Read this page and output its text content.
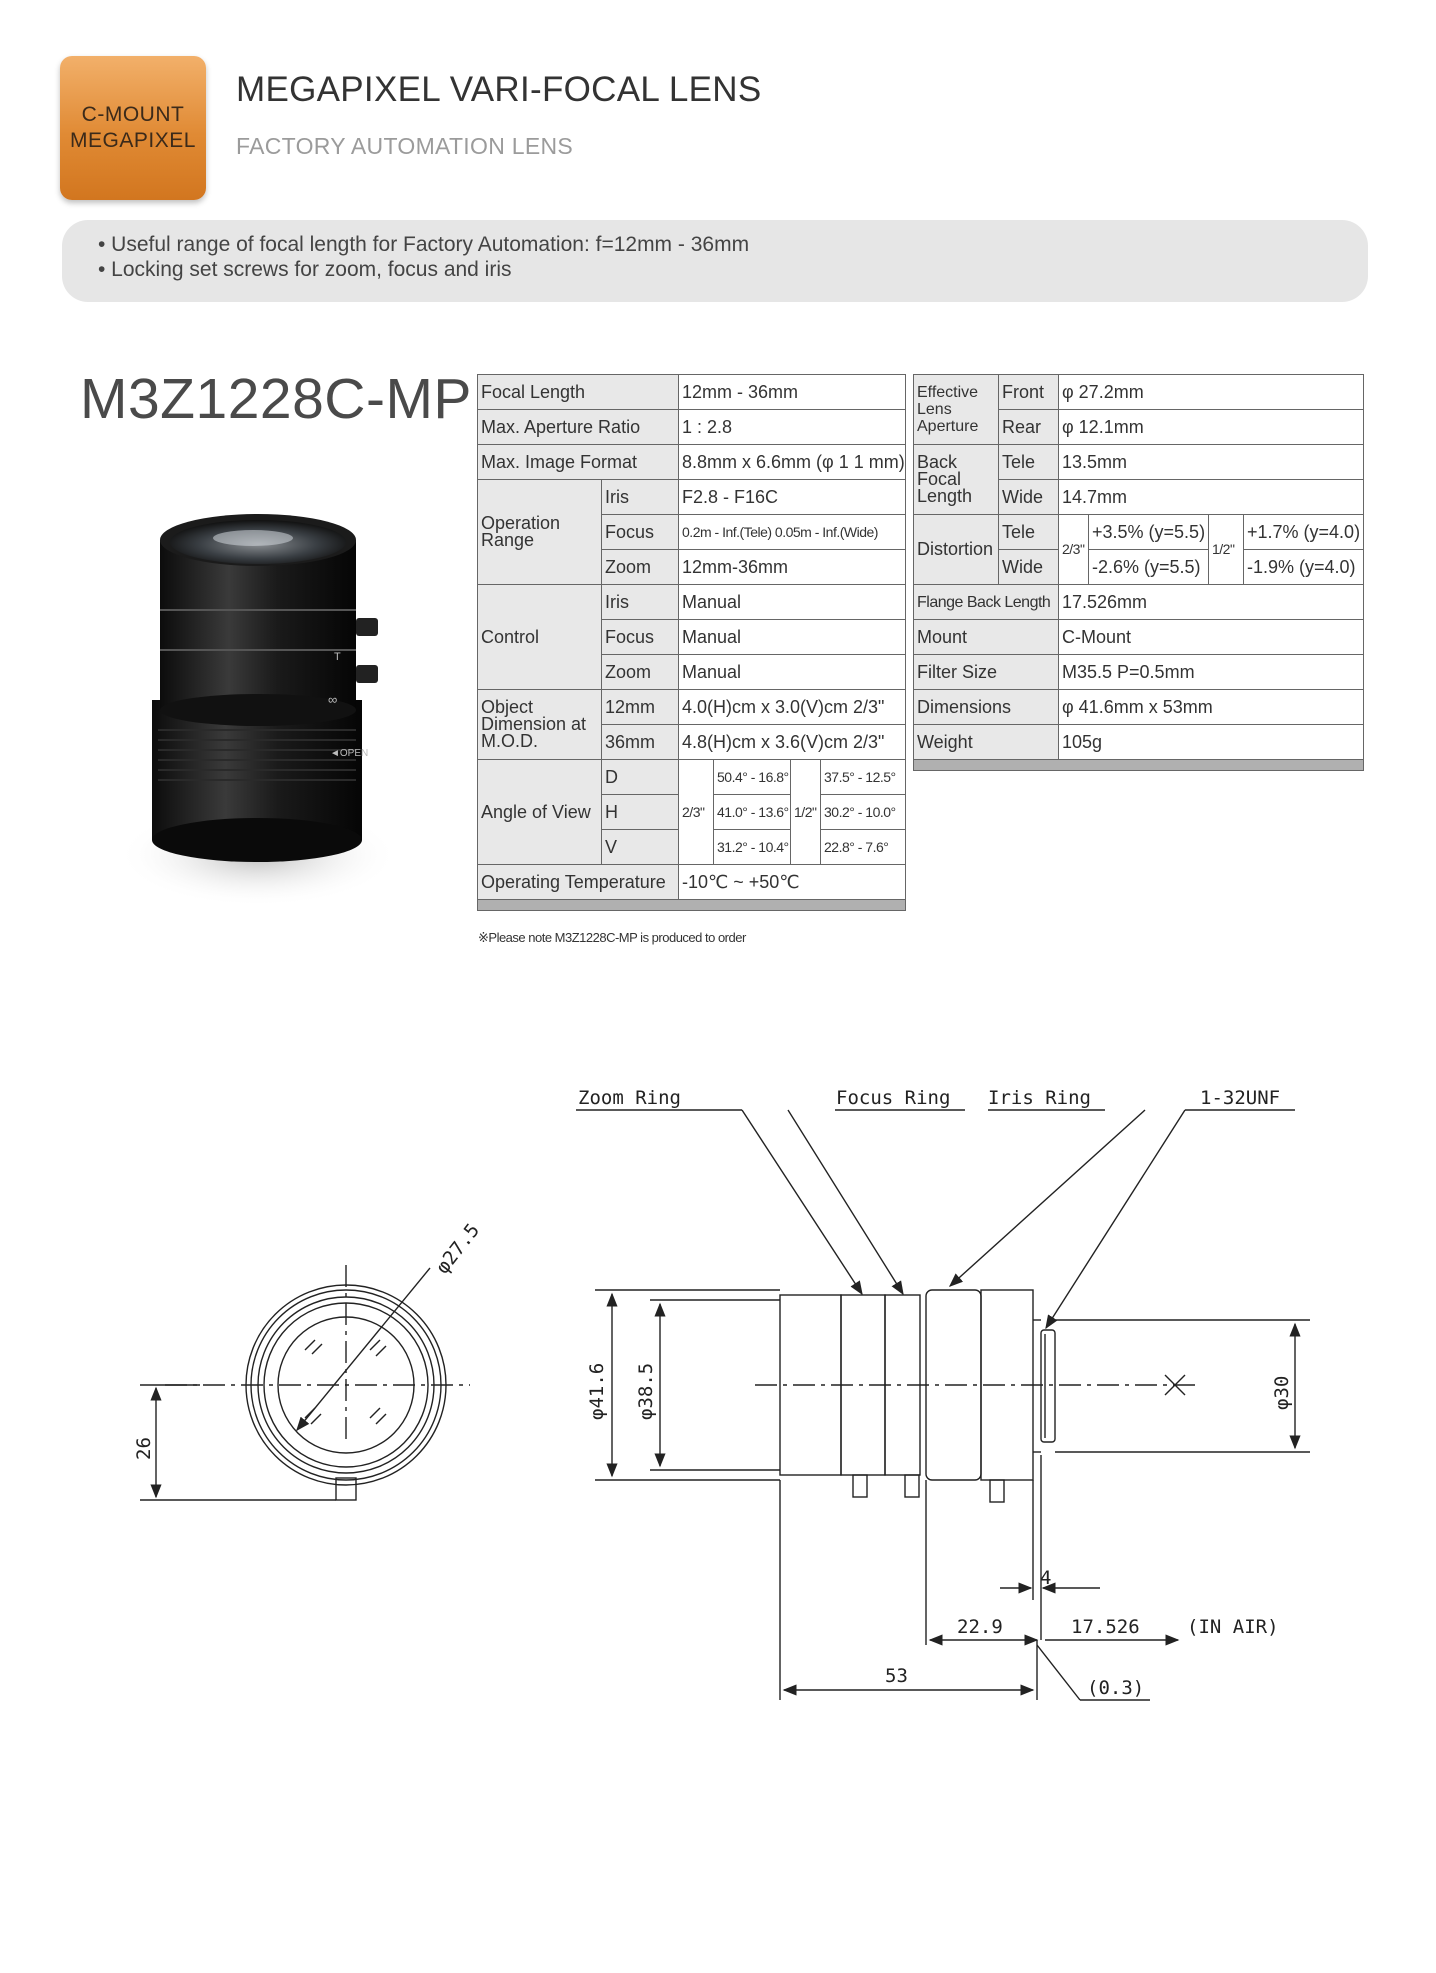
C-MOUNT
MEGAPIXEL
MEGAPIXEL VARI-FOCAL LENS
FACTORY AUTOMATION LENS
• Useful range of focal length for Factory Automation: f=12mm - 36mm
• Locking set screws for zoom, focus and iris
M3Z1228C-MP
T
∞
◄OPEN
Focal Length		12mm - 36mm			
Max. Aperture Ratio		1 : 2.8			
Max. Image Format		8.8mm x 6.6mm (φ 1 1 mm)			
Operation Range	Iris	F2.8 - F16C			
	Focus	0.2m - Inf.(Tele) 0.05m - Inf.(Wide)			
	Zoom	12mm-36mm			
Control	Iris	Manual			
	Focus	Manual			
	Zoom	Manual			
Object Dimension at M.O.D.	12mm	4.0(H)cm x 3.0(V)cm 2/3"			
	36mm	4.8(H)cm x 3.6(V)cm 2/3"			
Angle of View	D	2/3"	50.4° - 16.8°	1/2"	37.5° - 12.5°
	H		41.0° - 13.6°		30.2° - 10.0°
	V		31.2° - 10.4°		22.8° - 7.6°
Operating Temperature		-10℃ ~ +50℃			

※Please note M3Z1228C-MP is produced to order
Effective Lens Aperture	Front	φ 27.2mm			
	Rear	φ 12.1mm			
Back Focal Length	Tele	13.5mm			
	Wide	14.7mm			
Distortion	Tele	2/3"	+3.5% (y=5.5)	1/2"	+1.7% (y=4.0)
	Wide		-2.6% (y=5.5)		-1.9% (y=4.0)
Flange Back Length		17.526mm			
Mount		C-Mount			
Filter Size		M35.5 P=0.5mm			
Dimensions		φ 41.6mm x 53mm			
Weight		105g			

Zoom Ring	Focus Ring Iris Ring	1-32UNF
φ27.5
26
φ41.6 φ38.5	φ30
4
22.9	17.526 (IN AIR)
53
(0.3)
